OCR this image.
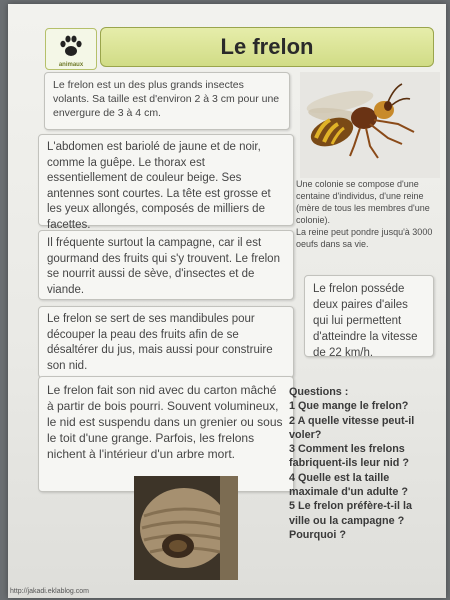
animaux
Le frelon
Le frelon est un des plus grands insectes volants. Sa taille est d'environ 2 à 3 cm pour une envergure de 3 à 4 cm.
L'abdomen est bariolé de jaune et de noir, comme la guêpe. Le thorax est essentiellement de couleur beige. Ses antennes sont courtes. La tête est grosse et les yeux allongés, composés de milliers de facettes.
Il fréquente surtout la campagne, car il est gourmand des fruits qui s'y trouvent. Le frelon se nourrit aussi de sève, d'insectes et de viande.
Le frelon se sert de ses mandibules pour découper la peau des fruits afin de se désaltérer du jus, mais aussi pour construire son nid.
Le frelon fait son nid avec du carton mâché à partir de bois pourri. Souvent volumineux, le nid est suspendu dans un grenier ou sous le toit d'une grange. Parfois, les frelons nichent à l'intérieur d'un arbre mort.
Le frelon posséde deux paires d'ailes qui lui permettent d'atteindre la vitesse de 22 km/h.
Une colonie se compose d'une centaine d'individus, d'une reine (mère de tous les membres d'une colonie).
La reine peut pondre jusqu'à 3000 oeufs dans sa vie.
Questions :
1 Que mange le frelon?
2 A quelle vitesse peut-il voler?
3 Comment les frelons fabriquent-ils leur nid ?
4 Quelle est la taille maximale d'un adulte ?
5 Le frelon préfère-t-il la ville ou la campagne ? Pourquoi ?
http://jakadi.eklablog.com
